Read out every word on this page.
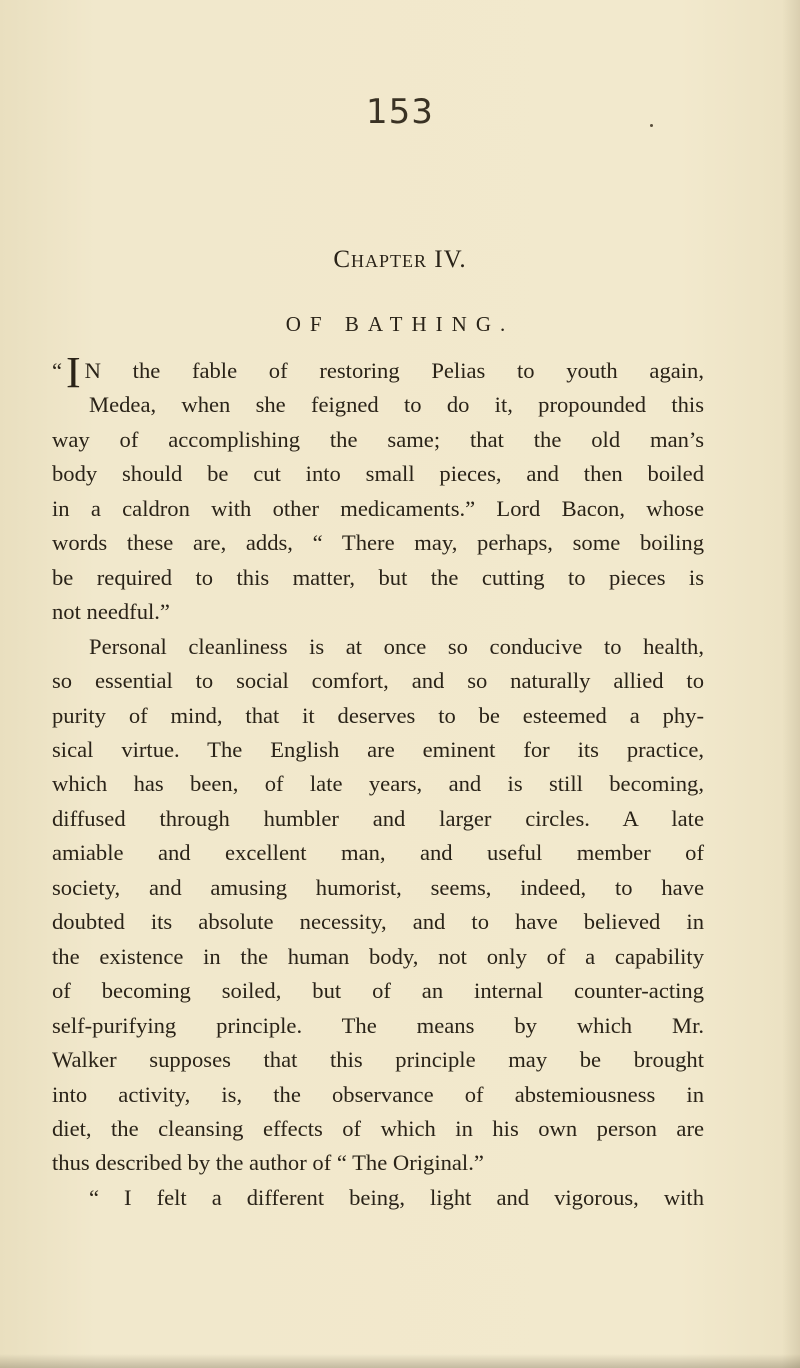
153
Chapter IV.
OF BATHING.
“I N the fable of restoring Pelias to youth again,
Medea, when she feigned to do it, propounded this
way of accomplishing the same; that the old man’s
body should be cut into small pieces, and then boiled
in a caldron with other medicaments.” Lord Bacon, whose
words these are, adds, “ There may, perhaps, some boiling
be required to this matter, but the cutting to pieces is
not needful.”
Personal cleanliness is at once so conducive to health,
so essential to social comfort, and so naturally allied to
purity of mind, that it deserves to be esteemed a phy-
sical virtue. The English are eminent for its practice,
which has been, of late years, and is still becoming,
diffused through humbler and larger circles. A late
amiable and excellent man, and useful member of
society, and amusing humorist, seems, indeed, to have
doubted its absolute necessity, and to have believed in
the existence in the human body, not only of a capability
of becoming soiled, but of an internal counter-acting
self-purifying principle. The means by which Mr.
Walker supposes that this principle may be brought
into activity, is, the observance of abstemiousness in
diet, the cleansing effects of which in his own person are
thus described by the author of “ The Original.”
“ I felt a different being, light and vigorous, with
